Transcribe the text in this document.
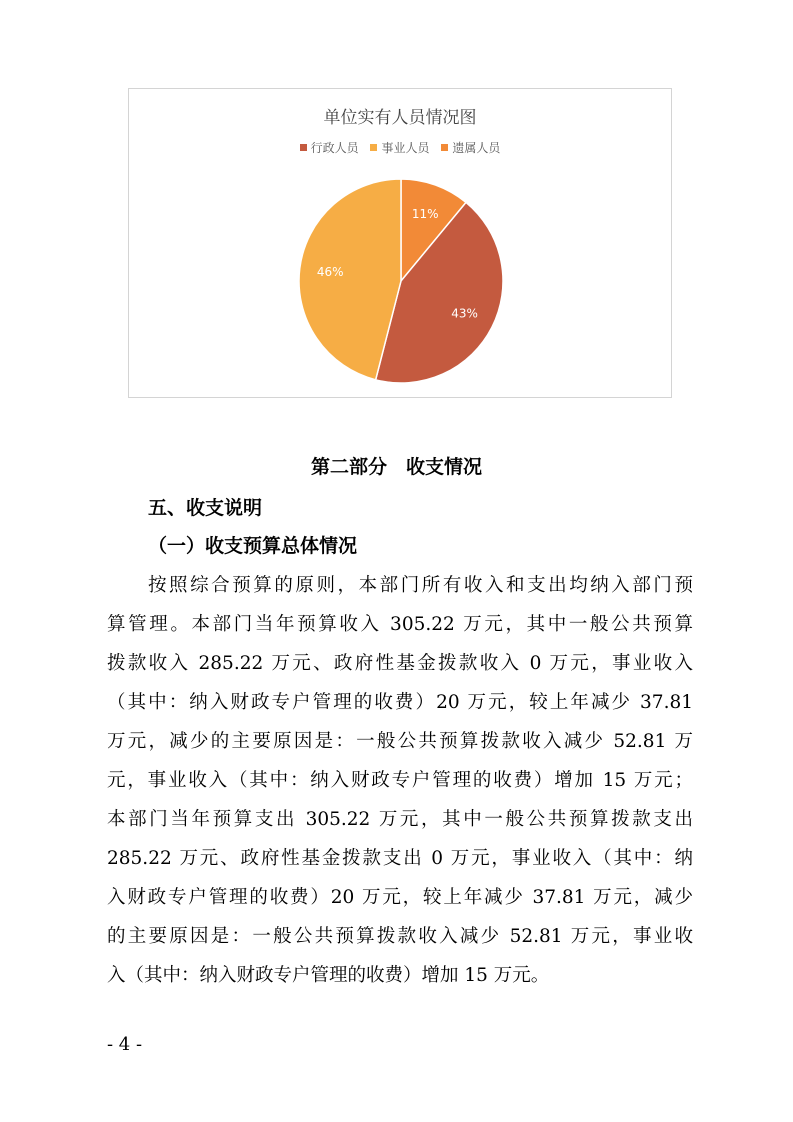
单位实有人员情况图
行政人员 事业人员 遗属人员
11%
43%
46%
第二部分　收支情况
五、收支说明
（一）收支预算总体情况
按照综合预算的原则，本部门所有收入和支出均纳入部门预
算管理。本部门当年预算收入 305.22 万元，其中一般公共预算
拨款收入 285.22 万元、政府性基金拨款收入 0 万元，事业收入
（其中：纳入财政专户管理的收费）20 万元，较上年减少 37.81
万元，减少的主要原因是：一般公共预算拨款收入减少 52.81 万
元，事业收入（其中：纳入财政专户管理的收费）增加 15 万元；
本部门当年预算支出 305.22 万元，其中一般公共预算拨款支出
285.22 万元、政府性基金拨款支出 0 万元，事业收入（其中：纳
入财政专户管理的收费）20 万元，较上年减少 37.81 万元，减少
的主要原因是：一般公共预算拨款收入减少 52.81 万元，事业收
入（其中：纳入财政专户管理的收费）增加 15 万元。
- 4 -
